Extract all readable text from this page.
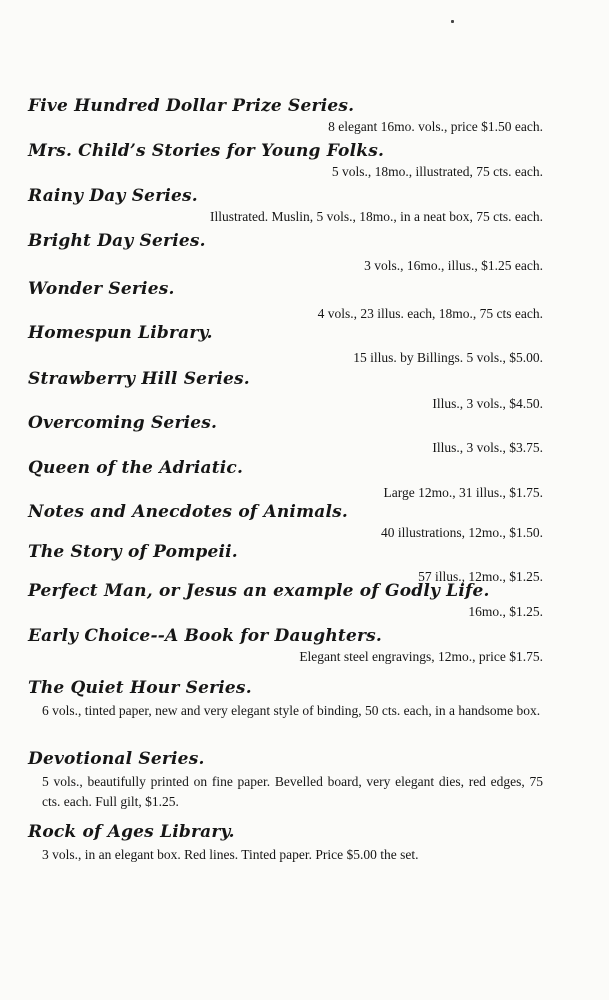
Five Hundred Dollar Prize Series.
8 elegant 16mo. vols., price $1.50 each.
Mrs. Child’s Stories for Young Folks.
5 vols., 18mo., illustrated, 75 cts. each.
Rainy Day Series.
Illustrated. Muslin, 5 vols., 18mo., in a neat box, 75 cts. each.
Bright Day Series.
3 vols., 16mo., illus., $1.25 each.
Wonder Series.
4 vols., 23 illus. each, 18mo., 75 cts each.
Homespun Library.
15 illus. by Billings. 5 vols., $5.00.
Strawberry Hill Series.
Illus., 3 vols., $4.50.
Overcoming Series.
Illus., 3 vols., $3.75.
Queen of the Adriatic.
Large 12mo., 31 illus., $1.75.
Notes and Anecdotes of Animals.
40 illustrations, 12mo., $1.50.
The Story of Pompeii.
57 illus., 12mo., $1.25.
Perfect Man, or Jesus an example of Godly Life.
16mo., $1.25.
Early Choice--A Book for Daughters.
Elegant steel engravings, 12mo., price $1.75.
The Quiet Hour Series.
6 vols., tinted paper, new and very elegant style of binding, 50 cts. each, in a handsome box.
Devotional Series.
5 vols., beautifully printed on fine paper. Bevelled board, very elegant dies, red edges, 75 cts. each. Full gilt, $1.25.
Rock of Ages Library.
3 vols., in an elegant box. Red lines. Tinted paper. Price $5.00 the set.
